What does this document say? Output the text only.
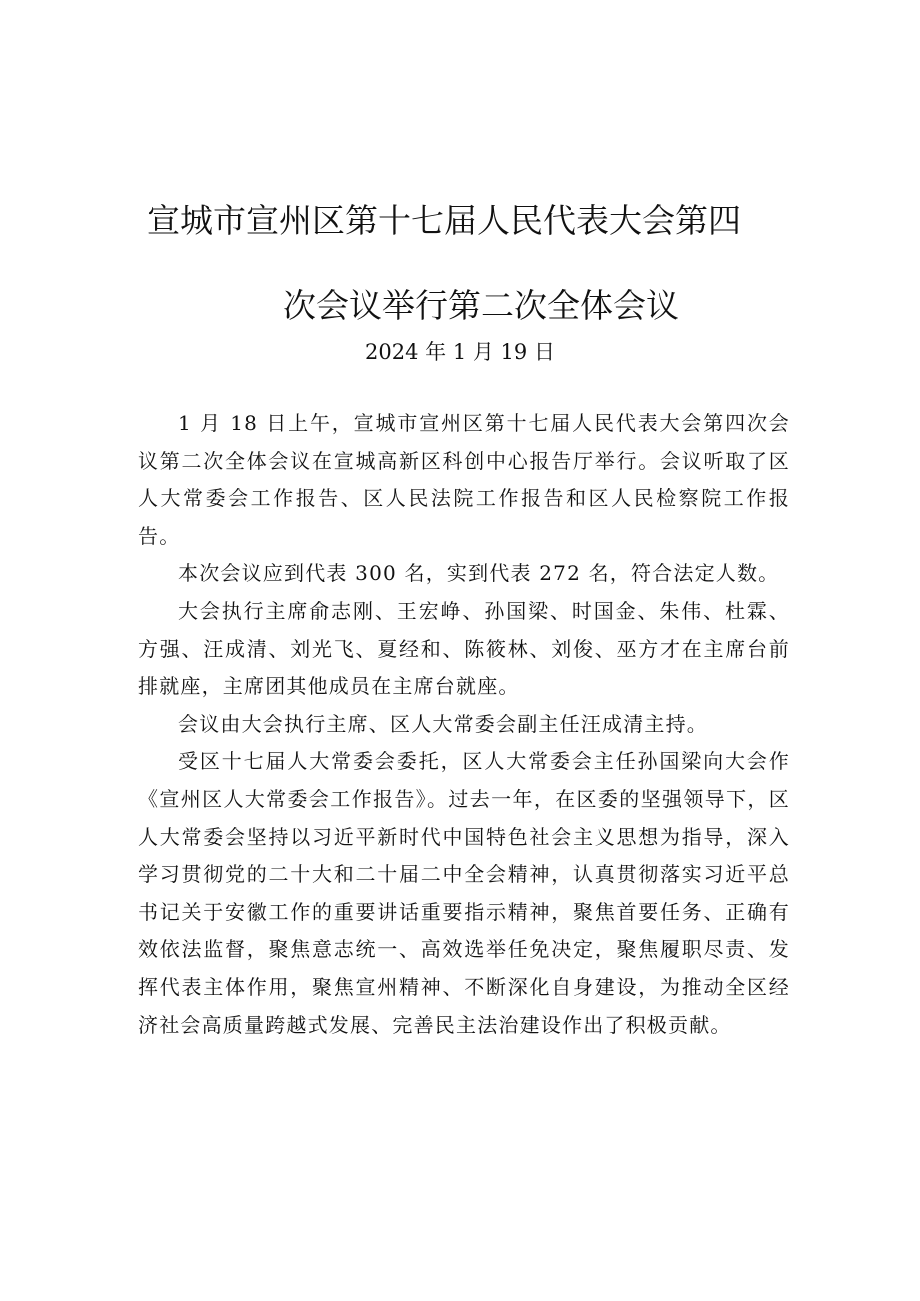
宣城市宣州区第十七届人民代表大会第四
次会议举行第二次全体会议
2024 年 1 月 19 日

1 月 18 日上午，宣城市宣州区第十七届人民代表大会第四次会议第二次全体会议在宣城高新区科创中心报告厅举行。会议听取了区人大常委会工作报告、区人民法院工作报告和区人民检察院工作报告。

本次会议应到代表 300 名，实到代表 272 名，符合法定人数。

大会执行主席俞志刚、王宏峥、孙国梁、时国金、朱伟、杜霖、方强、汪成清、刘光飞、夏经和、陈筱林、刘俊、巫方才在主席台前排就座，主席团其他成员在主席台就座。

会议由大会执行主席、区人大常委会副主任汪成清主持。

受区十七届人大常委会委托，区人大常委会主任孙国梁向大会作《宣州区人大常委会工作报告》。过去一年，在区委的坚强领导下，区人大常委会坚持以习近平新时代中国特色社会主义思想为指导，深入学习贯彻党的二十大和二十届二中全会精神，认真贯彻落实习近平总书记关于安徽工作的重要讲话重要指示精神，聚焦首要任务、正确有效依法监督，聚焦意志统一、高效选举任免决定，聚焦履职尽责、发挥代表主体作用，聚焦宣州精神、不断深化自身建设，为推动全区经济社会高质量跨越式发展、完善民主法治建设作出了积极贡献。
